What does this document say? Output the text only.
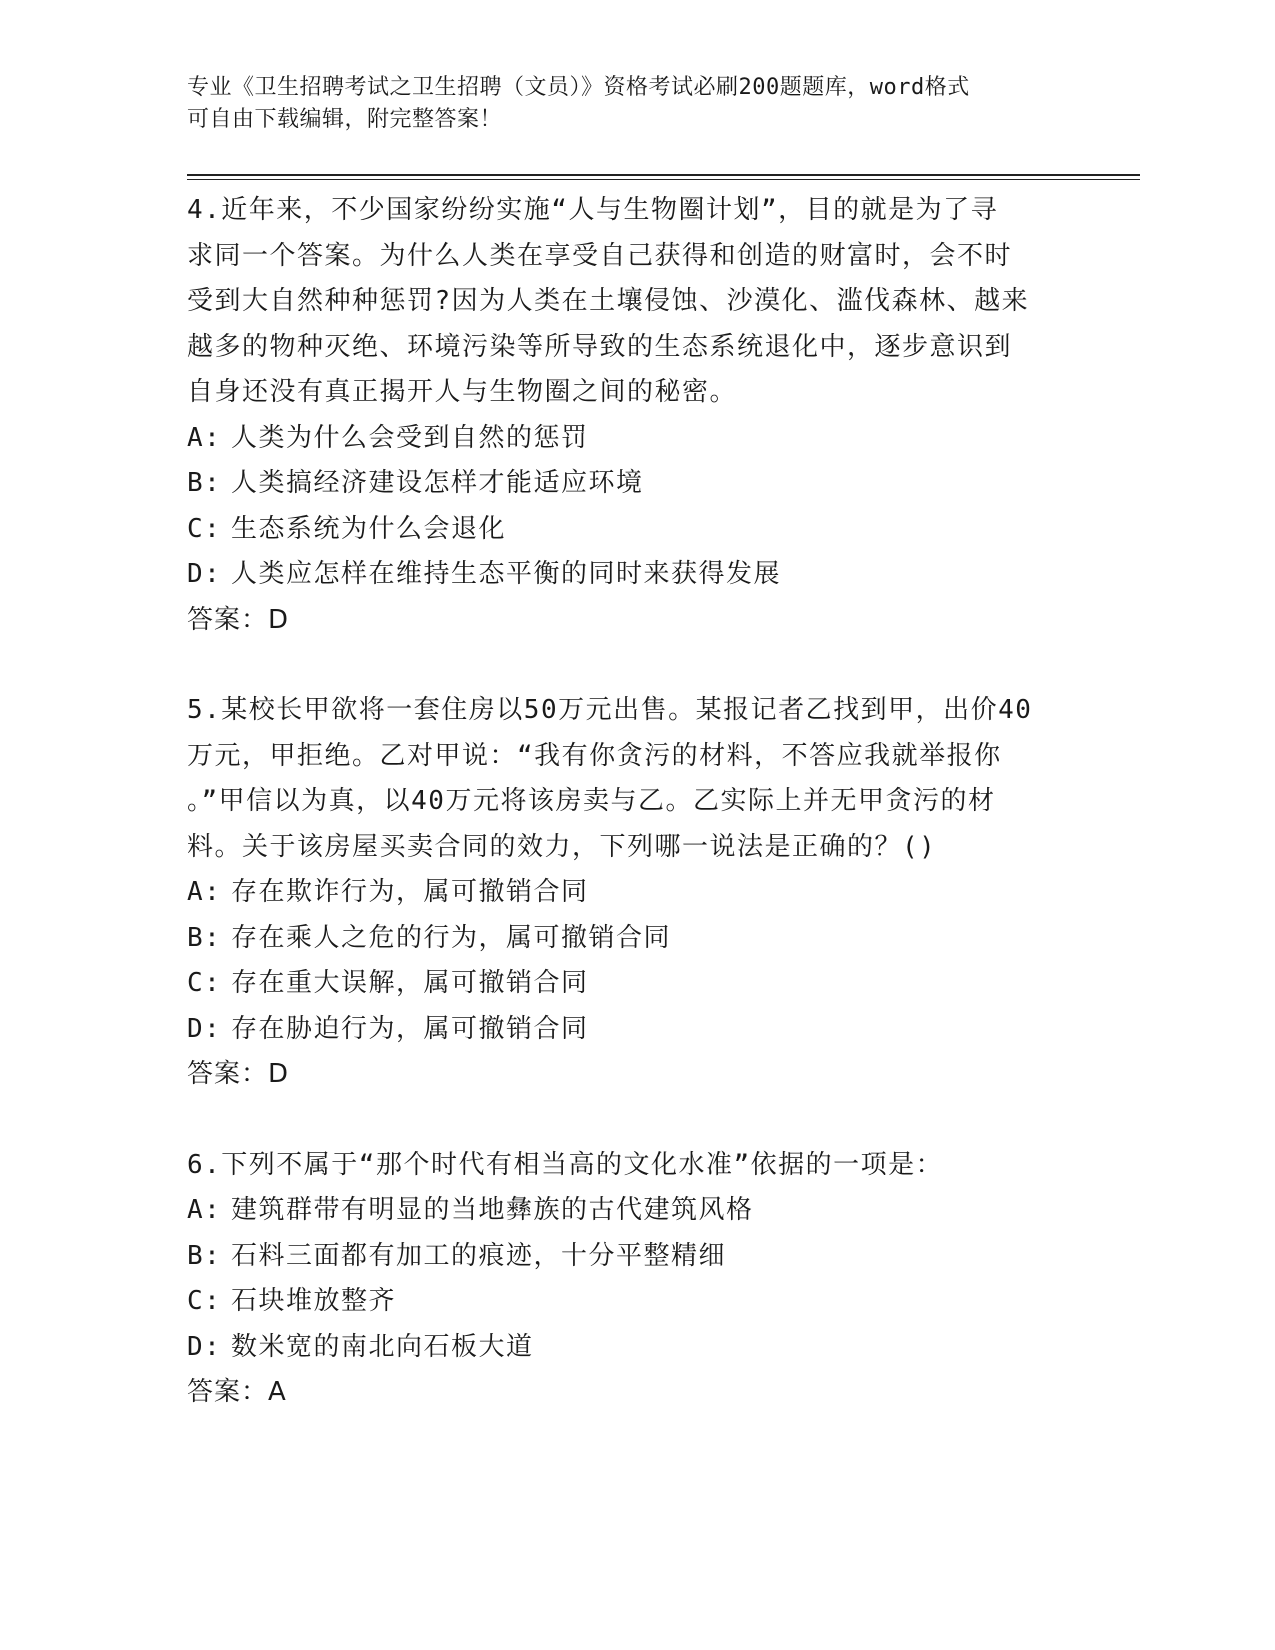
专业《卫生招聘考试之卫生招聘（文员）》资格考试必刷200题题库，word格式
可自由下载编辑，附完整答案！
4.近年来，不少国家纷纷实施“人与生物圈计划”，目的就是为了寻
求同一个答案。为什么人类在享受自己获得和创造的财富时，会不时
受到大自然种种惩罚?因为人类在土壤侵蚀、沙漠化、滥伐森林、越来
越多的物种灭绝、环境污染等所导致的生态系统退化中，逐步意识到
自身还没有真正揭开人与生物圈之间的秘密。
A: 人类为什么会受到自然的惩罚
B: 人类搞经济建设怎样才能适应环境
C: 生态系统为什么会退化
D: 人类应怎样在维持生态平衡的同时来获得发展
答案：D
5.某校长甲欲将一套住房以50万元出售。某报记者乙找到甲，出价40
万元，甲拒绝。乙对甲说：“我有你贪污的材料，不答应我就举报你
。”甲信以为真，以40万元将该房卖与乙。乙实际上并无甲贪污的材
料。关于该房屋买卖合同的效力，下列哪一说法是正确的？()
A: 存在欺诈行为，属可撤销合同
B: 存在乘人之危的行为，属可撤销合同
C: 存在重大误解，属可撤销合同
D: 存在胁迫行为，属可撤销合同
答案：D
6.下列不属于“那个时代有相当高的文化水准”依据的一项是：
A: 建筑群带有明显的当地彝族的古代建筑风格
B: 石料三面都有加工的痕迹，十分平整精细
C: 石块堆放整齐
D: 数米宽的南北向石板大道
答案：A
